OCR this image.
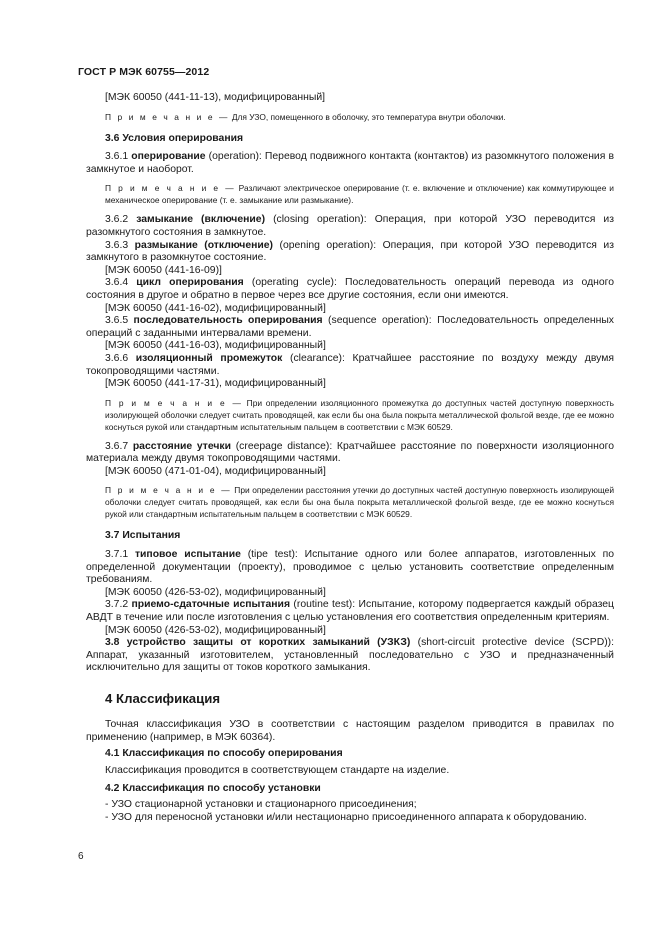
ГОСТ Р МЭК 60755—2012

[МЭК 60050 (441-11-13), модифицированный]

П р и м е ч а н и е — Для УЗО, помещенного в оболочку, это температура внутри оболочки.

3.6 Условия оперирования

3.6.1 оперирование (operation): Перевод подвижного контакта (контактов) из разомкнутого положения в замкнутое и наоборот.

П р и м е ч а н и е — Различают электрическое оперирование (т. е. включение и отключение) как коммутирующее и механическое оперирование (т. е. замыкание или размыкание).

3.6.2 замыкание (включение) (closing operation): Операция, при которой УЗО переводится из разомкнутого состояния в замкнутое.

3.6.3 размыкание (отключение) (opening operation): Операция, при которой УЗО переводится из замкнутого в разомкнутое состояние.

[МЭК 60050 (441-16-09)]

3.6.4 цикл оперирования (operating cycle): Последовательность операций перевода из одного состояния в другое и обратно в первое через все другие состояния, если они имеются.

[МЭК 60050 (441-16-02), модифицированный]

3.6.5 последовательность оперирования (sequence operation): Последовательность определенных операций с заданными интервалами времени.

[МЭК 60050 (441-16-03), модифицированный]

3.6.6 изоляционный промежуток (clearance): Кратчайшее расстояние по воздуху между двумя токопроводящими частями.

[МЭК 60050 (441-17-31), модифицированный]

П р и м е ч а н и е — При определении изоляционного промежутка до доступных частей доступную поверхность изолирующей оболочки следует считать проводящей, как если бы она была покрыта металлической фольгой везде, где ее можно коснуться рукой или стандартным испытательным пальцем в соответствии с МЭК 60529.

3.6.7 расстояние утечки (creepage distance): Кратчайшее расстояние по поверхности изоляционного материала между двумя токопроводящими частями.

[МЭК 60050 (471-01-04), модифицированный]

П р и м е ч а н и е — При определении расстояния утечки до доступных частей доступную поверхность изолирующей оболочки следует считать проводящей, как если бы она была покрыта металлической фольгой везде, где ее можно коснуться рукой или стандартным испытательным пальцем в соответствии с МЭК 60529.

3.7 Испытания

3.7.1 типовое испытание (tipe test): Испытание одного или более аппаратов, изготовленных по определенной документации (проекту), проводимое с целью установить соответствие определенным требованиям.

[МЭК 60050 (426-53-02), модифицированный]

3.7.2 приемо-сдаточные испытания (routine test): Испытание, которому подвергается каждый образец АВДТ в течение или после изготовления с целью установления его соответствия определенным критериям.

[МЭК 60050 (426-53-02), модифицированный]

3.8 устройство защиты от коротких замыканий (УЗКЗ) (short-circuit protective device (SCPD)): Аппарат, указанный изготовителем, установленный последовательно с УЗО и предназначенный исключительно для защиты от токов короткого замыкания.

4 Классификация

Точная классификация УЗО в соответствии с настоящим разделом приводится в правилах по применению (например, в МЭК 60364).

4.1 Классификация по способу оперирования

Классификация проводится в соответствующем стандарте на изделие.

4.2 Классификация по способу установки

- УЗО стационарной установки и стационарного присоединения;

- УЗО для переносной установки и/или нестационарно присоединенного аппарата к оборудованию.

6
